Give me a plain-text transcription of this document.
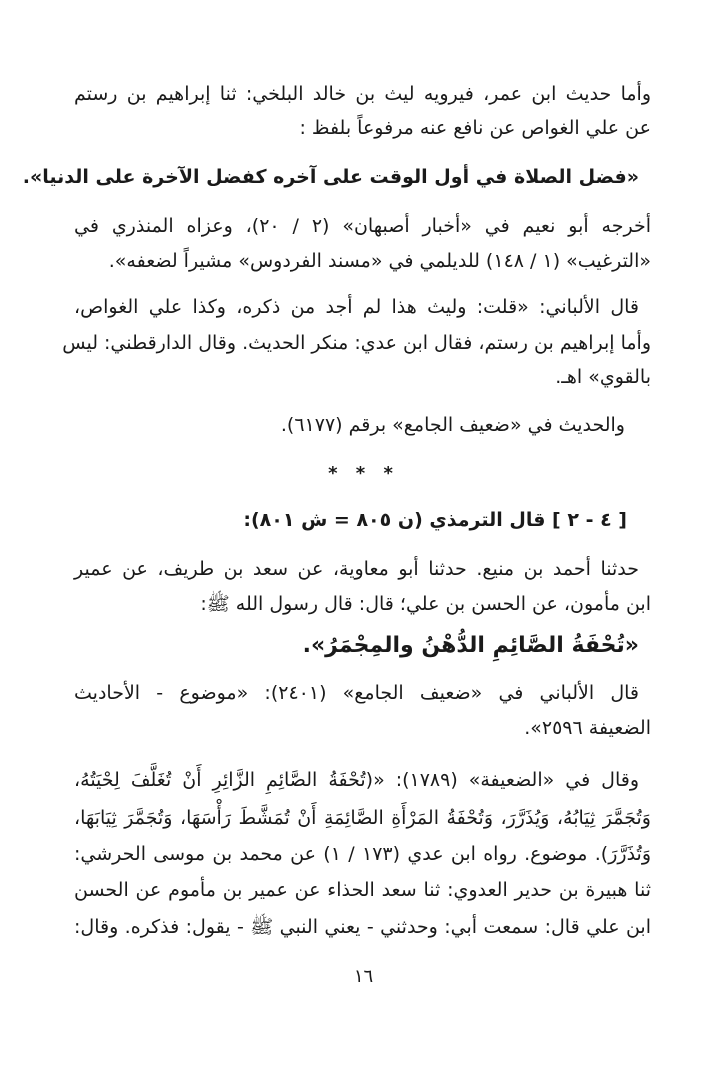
وأما حديث ابن عمر، فيرويه ليث بن خالد البلخي: ثنا إبراهيم بن رستم
عن علي الغواص عن نافع عنه مرفوعاً بلفظ :
«فضل الصلاة في أول الوقت على آخره كفضل الآخرة على الدنيا».
أخرجه أبو نعيم في «أخبار أصبهان» (٢ / ٢٠)، وعزاه المنذري في
«الترغيب» (١ / ١٤٨) للديلمي في «مسند الفردوس» مشيراً لضعفه».
قال الألباني: «قلت: وليث هذا لم أجد من ذكره، وكذا علي الغواص،
وأما إبراهيم بن رستم، فقال ابن عدي: منكر الحديث. وقال الدارقطني: ليس
بالقوي» اهـ.
والحديث في «ضعيف الجامع» برقم (٦١٧٧).
* * *
[ ٤ - ٢ ] قال الترمذي (ن ٨٠٥ = ش ٨٠١):
حدثنا أحمد بن منيع. حدثنا أبو معاوية، عن سعد بن طريف، عن عمير
ابن مأمون، عن الحسن بن علي؛ قال: قال رسول الله ﷺ:
«تُحْفَةُ الصَّائِمِ الدُّهْنُ والمِجْمَرُ».
قال الألباني في «ضعيف الجامع» (٢٤٠١): «موضوع - الأحاديث
الضعيفة ٢٥٩٦».
وقال في «الضعيفة» (١٧٨٩): «(تُحْفَةُ الصَّائِمِ الزَّائِرِ أَنْ تُغَلَّفَ لِحْيَتُهُ،
وَتُجَمَّرَ ثِيَابُهُ، وَيُذَرَّرَ، وَتُحْفَةُ المَرْأَةِ الصَّائِمَةِ أَنْ تُمَشَّطَ رَأْسَهَا، وَتُجَمَّرَ ثِيَابَهَا،
وَتُذَرَّرَ). موضوع. رواه ابن عدي (١٧٣ / ١) عن محمد بن موسى الحرشي:
ثنا هبيرة بن حدير العدوي: ثنا سعد الحذاء عن عمير بن مأموم عن الحسن
ابن علي قال: سمعت أبي: وحدثني - يعني النبي ﷺ - يقول: فذكره. وقال:
١٦
